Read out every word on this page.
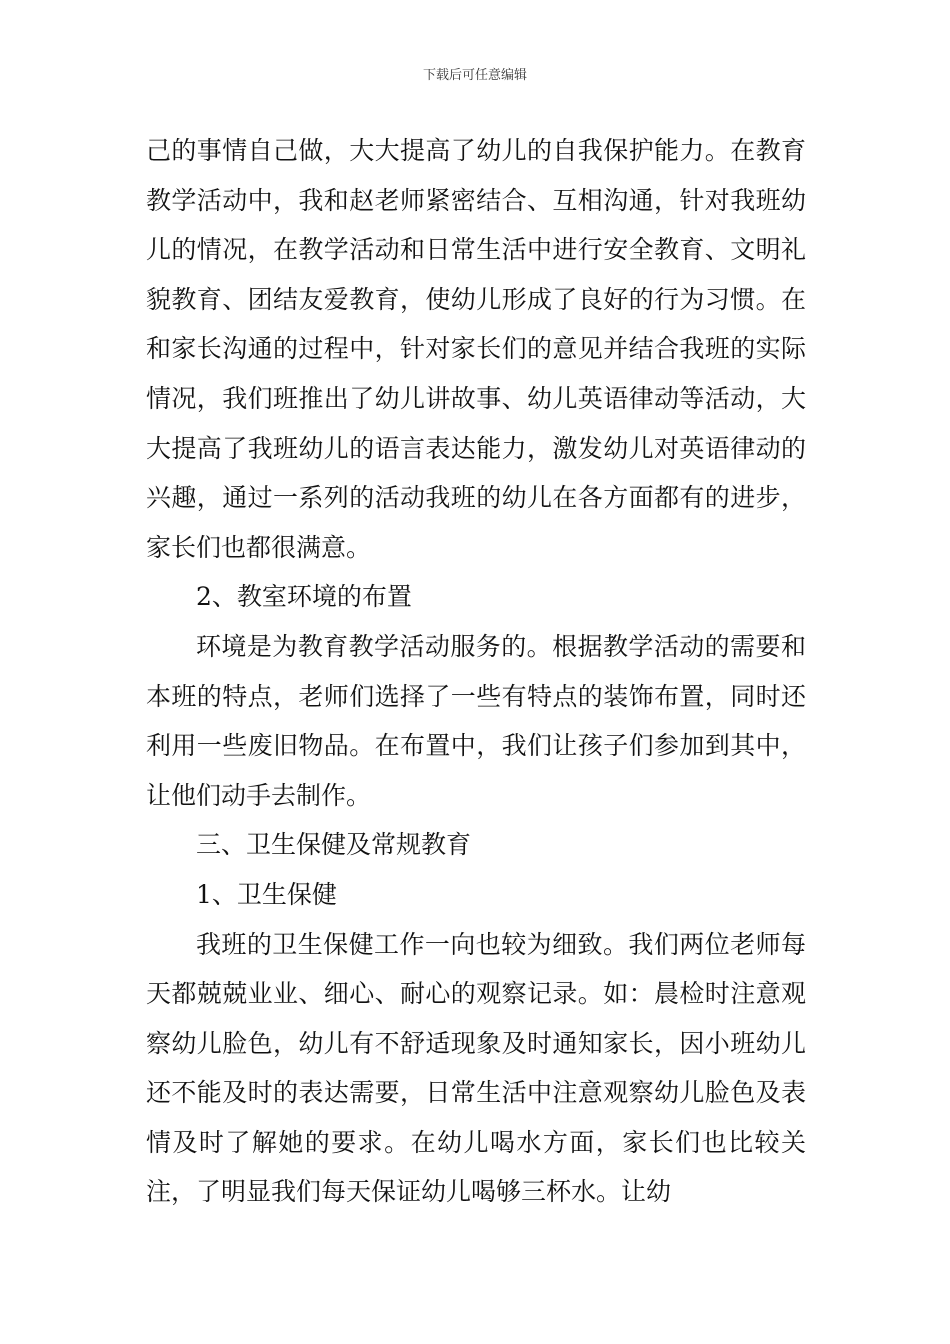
下载后可任意编辑

己的事情自己做，大大提高了幼儿的自我保护能力。在教育教学活动中，我和赵老师紧密结合、互相沟通，针对我班幼儿的情况，在教学活动和日常生活中进行安全教育、文明礼貌教育、团结友爱教育，使幼儿形成了良好的行为习惯。在和家长沟通的过程中，针对家长们的意见并结合我班的实际情况，我们班推出了幼儿讲故事、幼儿英语律动等活动，大大提高了我班幼儿的语言表达能力，激发幼儿对英语律动的兴趣，通过一系列的活动我班的幼儿在各方面都有的进步，家长们也都很满意。

2、教室环境的布置

环境是为教育教学活动服务的。根据教学活动的需要和本班的特点，老师们选择了一些有特点的装饰布置，同时还利用一些废旧物品。在布置中，我们让孩子们参加到其中，让他们动手去制作。

三、卫生保健及常规教育

1、卫生保健

我班的卫生保健工作一向也较为细致。我们两位老师每天都兢兢业业、细心、耐心的观察记录。如：晨检时注意观察幼儿脸色，幼儿有不舒适现象及时通知家长，因小班幼儿还不能及时的表达需要，日常生活中注意观察幼儿脸色及表情及时了解她的要求。在幼儿喝水方面，家长们也比较关注，了明显我们每天保证幼儿喝够三杯水。让幼
